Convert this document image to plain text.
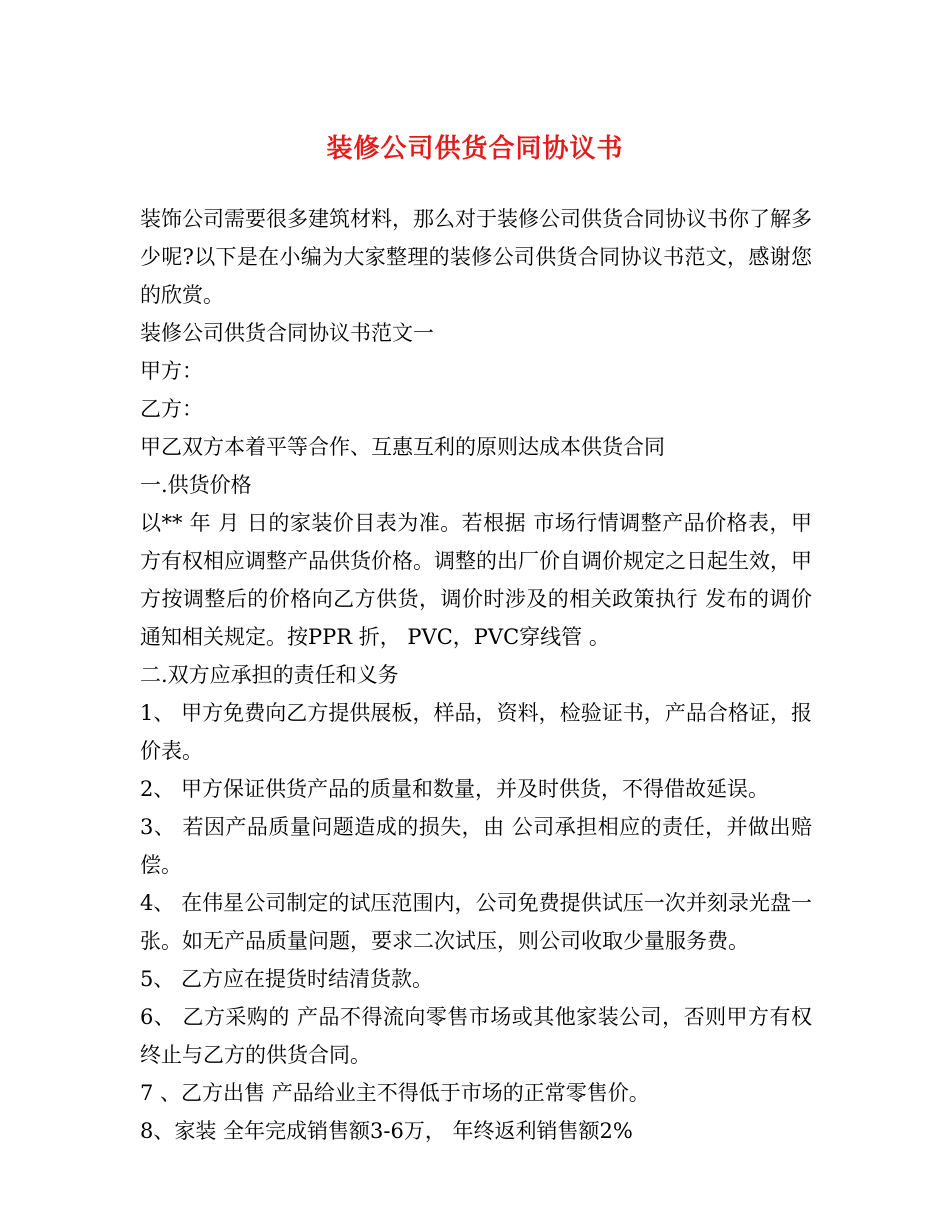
装修公司供货合同协议书

装饰公司需要很多建筑材料，那么对于装修公司供货合同协议书你了解多少呢?以下是在小编为大家整理的装修公司供货合同协议书范文，感谢您的欣赏。

装修公司供货合同协议书范文一

甲方：

乙方：

甲乙双方本着平等合作、互惠互利的原则达成本供货合同

一.供货价格

以** 年 月 日的家装价目表为准。若根据 市场行情调整产品价格表，甲方有权相应调整产品供货价格。调整的出厂价自调价规定之日起生效，甲方按调整后的价格向乙方供货，调价时涉及的相关政策执行 发布的调价通知相关规定。按PPR 折， PVC，PVC穿线管 。

二.双方应承担的责任和义务

1、 甲方免费向乙方提供展板，样品，资料，检验证书，产品合格证，报价表。

2、 甲方保证供货产品的质量和数量，并及时供货，不得借故延误。

3、 若因产品质量问题造成的损失，由 公司承担相应的责任，并做出赔偿。

4、 在伟星公司制定的试压范围内，公司免费提供试压一次并刻录光盘一张。如无产品质量问题，要求二次试压，则公司收取少量服务费。

5、 乙方应在提货时结清货款。

6、 乙方采购的 产品不得流向零售市场或其他家装公司，否则甲方有权终止与乙方的供货合同。

7 、乙方出售 产品给业主不得低于市场的正常零售价。

8、家装 全年完成销售额3-6万， 年终返利销售额2%
